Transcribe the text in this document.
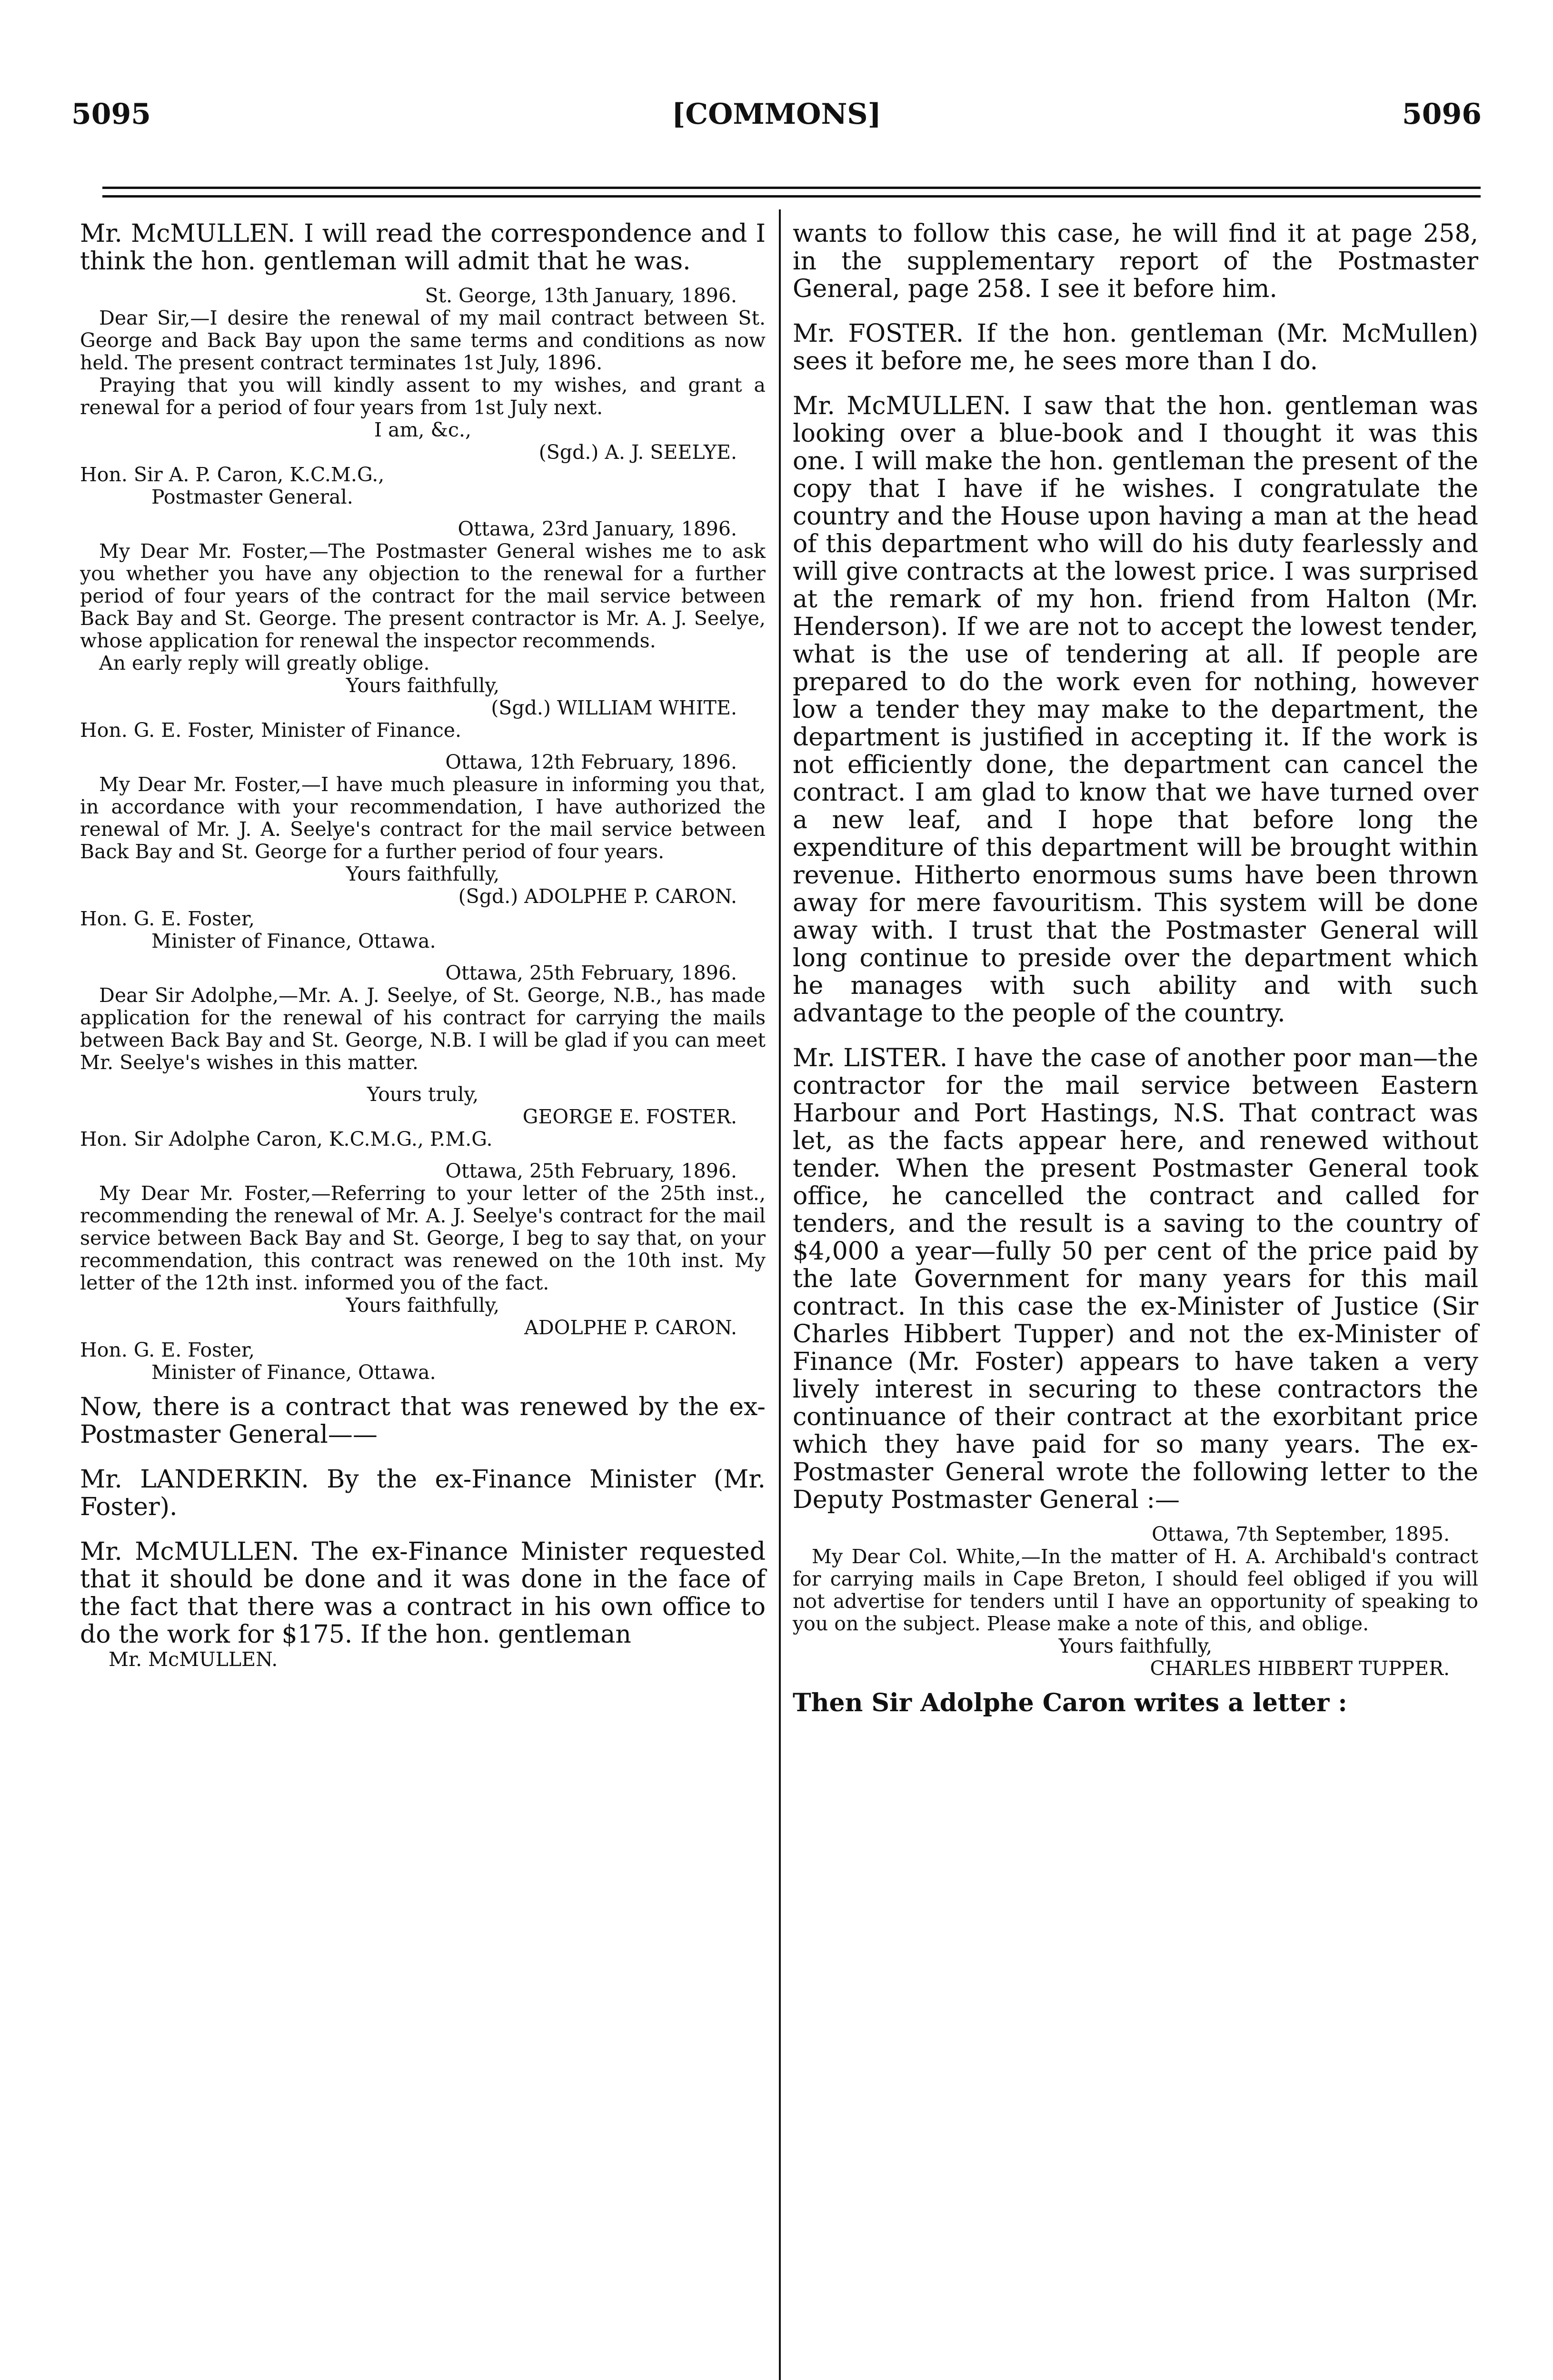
5095	[COMMONS]	5096

Mr. McMULLEN. I will read the correspondence and I think the hon. gentleman will admit that he was.

St. George, 13th January, 1896.

Dear Sir,—I desire the renewal of my mail contract between St. George and Back Bay upon the same terms and conditions as now held. The present contract terminates 1st July, 1896.

Praying that you will kindly assent to my wishes, and grant a renewal for a period of four years from 1st July next.

I am, &c.,

(Sgd.) A. J. SEELYE.

Hon. Sir A. P. Caron, K.C.M.G.,

Postmaster General.

Ottawa, 23rd January, 1896.

My Dear Mr. Foster,—The Postmaster General wishes me to ask you whether you have any objection to the renewal for a further period of four years of the contract for the mail service between Back Bay and St. George. The present contractor is Mr. A. J. Seelye, whose application for renewal the inspector recommends.

An early reply will greatly oblige.

Yours faithfully,

(Sgd.) WILLIAM WHITE.

Hon. G. E. Foster, Minister of Finance.

Ottawa, 12th February, 1896.

My Dear Mr. Foster,—I have much pleasure in informing you that, in accordance with your recommendation, I have authorized the renewal of Mr. J. A. Seelye's contract for the mail service between Back Bay and St. George for a further period of four years.

Yours faithfully,

(Sgd.) ADOLPHE P. CARON.

Hon. G. E. Foster,

Minister of Finance, Ottawa.

Ottawa, 25th February, 1896.

Dear Sir Adolphe,—Mr. A. J. Seelye, of St. George, N.B., has made application for the renewal of his contract for carrying the mails between Back Bay and St. George, N.B. I will be glad if you can meet Mr. Seelye's wishes in this matter.

Yours truly,

GEORGE E. FOSTER.

Hon. Sir Adolphe Caron, K.C.M.G., P.M.G.

Ottawa, 25th February, 1896.

My Dear Mr. Foster,—Referring to your letter of the 25th inst., recommending the renewal of Mr. A. J. Seelye's contract for the mail service between Back Bay and St. George, I beg to say that, on your recommendation, this contract was renewed on the 10th inst. My letter of the 12th inst. informed you of the fact.

Yours faithfully,

ADOLPHE P. CARON.

Hon. G. E. Foster,

Minister of Finance, Ottawa.

Now, there is a contract that was renewed by the ex-Postmaster General——

Mr. LANDERKIN. By the ex-Finance Minister (Mr. Foster).

Mr. McMULLEN. The ex-Finance Minister requested that it should be done and it was done in the face of the fact that there was a contract in his own office to do the work for $175. If the hon. gentleman

Mr. McMULLEN.

wants to follow this case, he will find it at page 258, in the supplementary report of the Postmaster General, page 258. I see it before him.

Mr. FOSTER. If the hon. gentleman (Mr. McMullen) sees it before me, he sees more than I do.

Mr. McMULLEN. I saw that the hon. gentleman was looking over a blue-book and I thought it was this one. I will make the hon. gentleman the present of the copy that I have if he wishes. I congratulate the country and the House upon having a man at the head of this department who will do his duty fearlessly and will give contracts at the lowest price. I was surprised at the remark of my hon. friend from Halton (Mr. Henderson). If we are not to accept the lowest tender, what is the use of tendering at all. If people are prepared to do the work even for nothing, however low a tender they may make to the department, the department is justified in accepting it. If the work is not efficiently done, the department can cancel the contract. I am glad to know that we have turned over a new leaf, and I hope that before long the expenditure of this department will be brought within revenue. Hitherto enormous sums have been thrown away for mere favouritism. This system will be done away with. I trust that the Postmaster General will long continue to preside over the department which he manages with such ability and with such advantage to the people of the country.

Mr. LISTER. I have the case of another poor man—the contractor for the mail service between Eastern Harbour and Port Hastings, N.S. That contract was let, as the facts appear here, and renewed without tender. When the present Postmaster General took office, he cancelled the contract and called for tenders, and the result is a saving to the country of $4,000 a year—fully 50 per cent of the price paid by the late Government for many years for this mail contract. In this case the ex-Minister of Justice (Sir Charles Hibbert Tupper) and not the ex-Minister of Finance (Mr. Foster) appears to have taken a very lively interest in securing to these contractors the continuance of their contract at the exorbitant price which they have paid for so many years. The ex-Postmaster General wrote the following letter to the Deputy Postmaster General :—

Ottawa, 7th September, 1895.

My Dear Col. White,—In the matter of H. A. Archibald's contract for carrying mails in Cape Breton, I should feel obliged if you will not advertise for tenders until I have an opportunity of speaking to you on the subject. Please make a note of this, and oblige.

Yours faithfully,

CHARLES HIBBERT TUPPER.

Then Sir Adolphe Caron writes a letter :
